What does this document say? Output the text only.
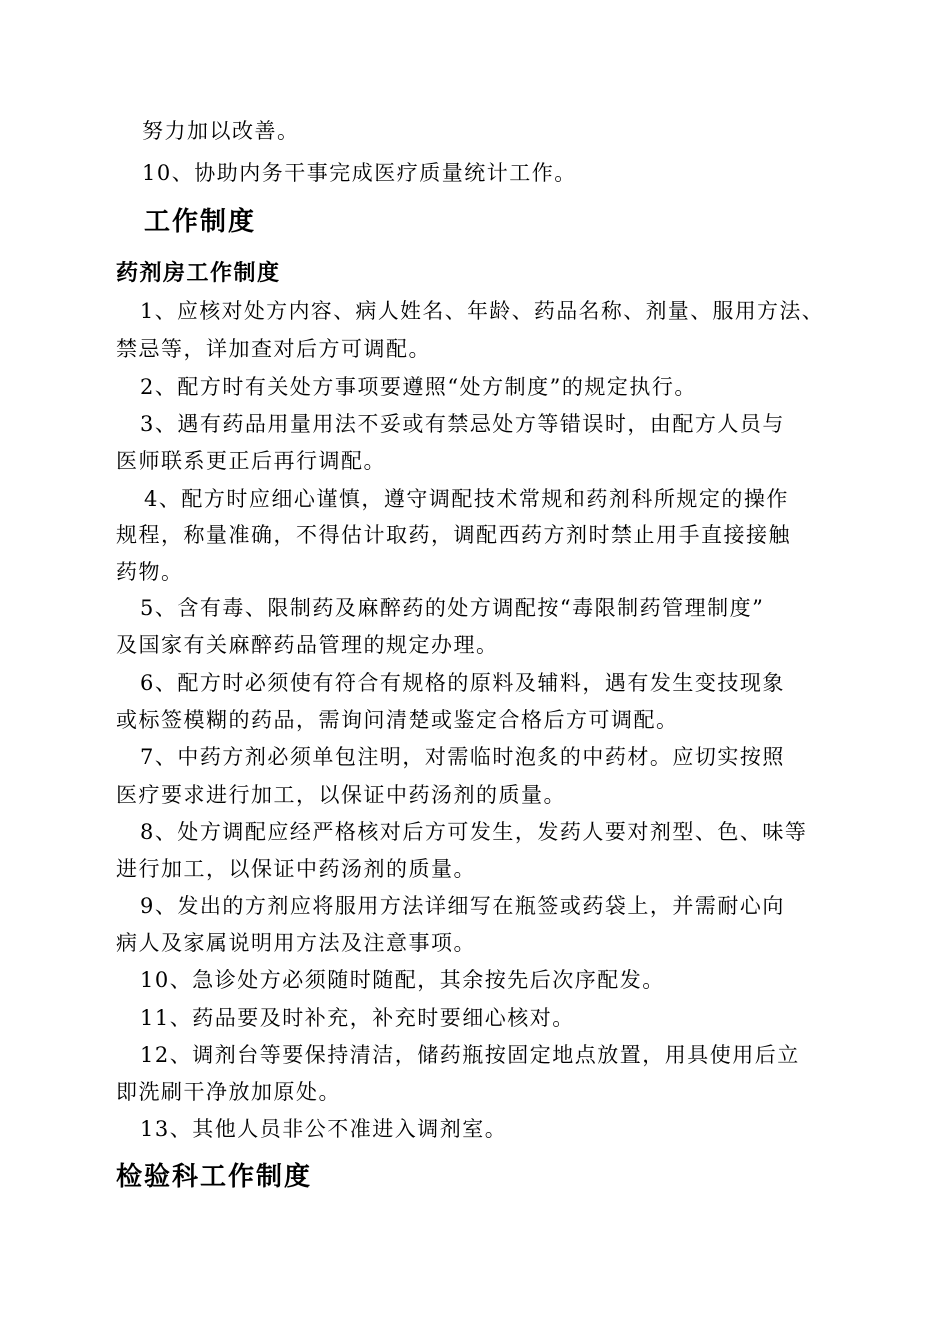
努力加以改善。
10、协助内务干事完成医疗质量统计工作。
工作制度
药剂房工作制度
1、应核对处方内容、病人姓名、年龄、药品名称、剂量、服用方法、
禁忌等，详加查对后方可调配。
2、配方时有关处方事项要遵照“处方制度”的规定执行。
3、遇有药品用量用法不妥或有禁忌处方等错误时，由配方人员与
医师联系更正后再行调配。
4、配方时应细心谨慎，遵守调配技术常规和药剂科所规定的操作
规程，称量准确，不得估计取药，调配西药方剂时禁止用手直接接触
药物。
5、含有毒、限制药及麻醉药的处方调配按“毒限制药管理制度”
及国家有关麻醉药品管理的规定办理。
6、配方时必须使有符合有规格的原料及辅料，遇有发生变技现象
或标签模糊的药品，需询问清楚或鉴定合格后方可调配。
7、中药方剂必须单包注明，对需临时泡炙的中药材。应切实按照
医疗要求进行加工，以保证中药汤剂的质量。
8、处方调配应经严格核对后方可发生，发药人要对剂型、色、味等
进行加工，以保证中药汤剂的质量。
9、发出的方剂应将服用方法详细写在瓶签或药袋上，并需耐心向
病人及家属说明用方法及注意事项。
10、急诊处方必须随时随配，其余按先后次序配发。
11、药品要及时补充，补充时要细心核对。
12、调剂台等要保持清洁，储药瓶按固定地点放置，用具使用后立
即洗刷干净放加原处。
13、其他人员非公不准进入调剂室。
检验科工作制度
